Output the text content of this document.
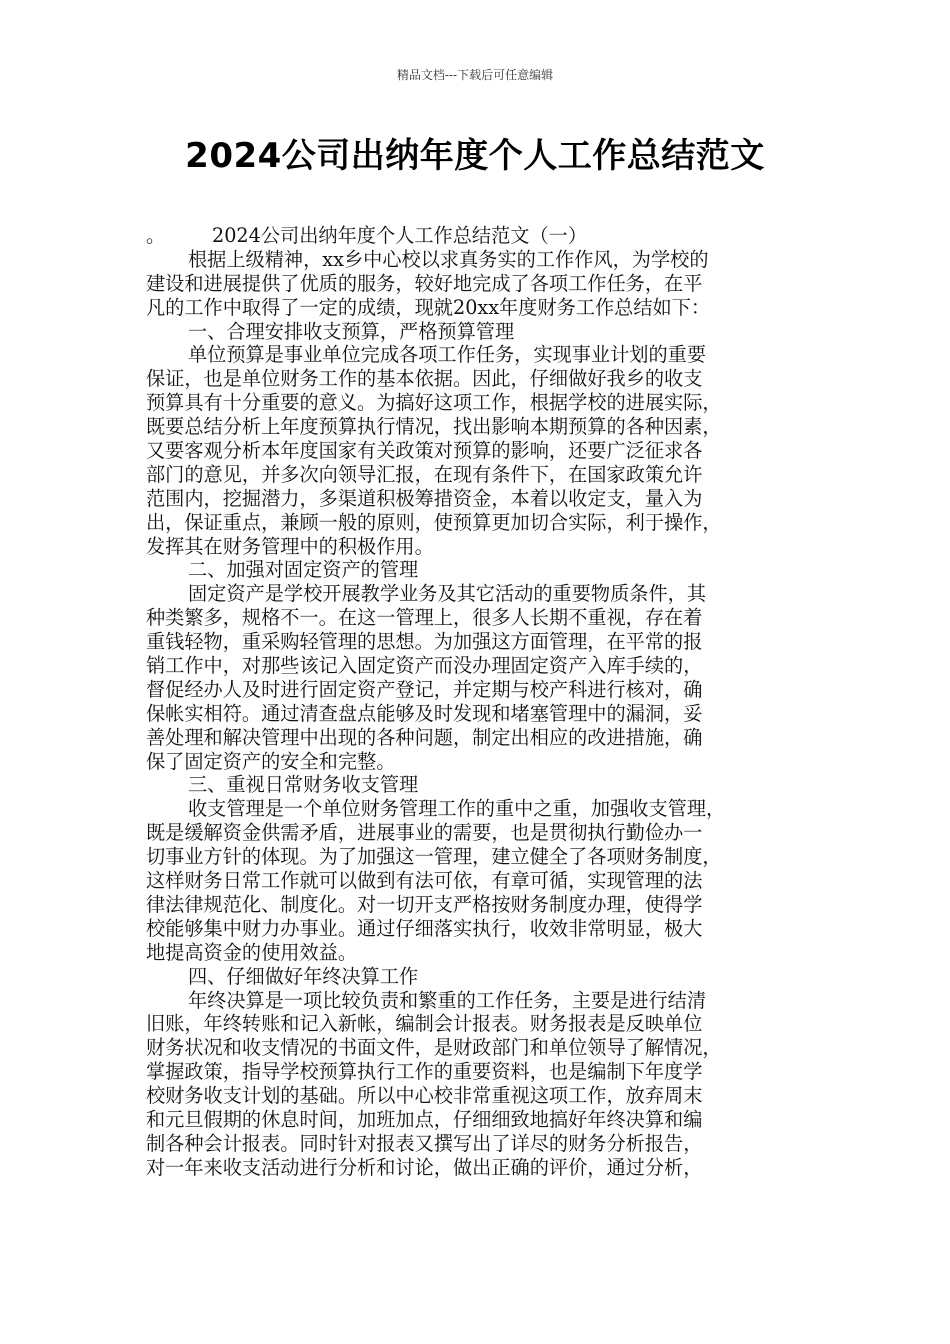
精品文档---下载后可任意编辑
2024公司出纳年度个人工作总结范文
。 2024公司出纳年度个人工作总结范文（一）
根据上级精神，xx乡中心校以求真务实的工作作风，为学校的
建设和进展提供了优质的服务，较好地完成了各项工作任务，在平
凡的工作中取得了一定的成绩，现就20xx年度财务工作总结如下：
一、合理安排收支预算，严格预算管理
单位预算是事业单位完成各项工作任务，实现事业计划的重要
保证，也是单位财务工作的基本依据。因此，仔细做好我乡的收支
预算具有十分重要的意义。为搞好这项工作，根据学校的进展实际，
既要总结分析上年度预算执行情况，找出影响本期预算的各种因素，
又要客观分析本年度国家有关政策对预算的影响，还要广泛征求各
部门的意见，并多次向领导汇报，在现有条件下，在国家政策允许
范围内，挖掘潜力，多渠道积极筹措资金，本着以收定支，量入为
出，保证重点，兼顾一般的原则，使预算更加切合实际，利于操作，
发挥其在财务管理中的积极作用。
二、加强对固定资产的管理
固定资产是学校开展教学业务及其它活动的重要物质条件，其
种类繁多，规格不一。在这一管理上，很多人长期不重视，存在着
重钱轻物，重采购轻管理的思想。为加强这方面管理，在平常的报
销工作中，对那些该记入固定资产而没办理固定资产入库手续的，
督促经办人及时进行固定资产登记，并定期与校产科进行核对，确
保帐实相符。通过清查盘点能够及时发现和堵塞管理中的漏洞，妥
善处理和解决管理中出现的各种问题，制定出相应的改进措施，确
保了固定资产的安全和完整。
三、重视日常财务收支管理
收支管理是一个单位财务管理工作的重中之重，加强收支管理，
既是缓解资金供需矛盾，进展事业的需要，也是贯彻执行勤俭办一
切事业方针的体现。为了加强这一管理，建立健全了各项财务制度，
这样财务日常工作就可以做到有法可依，有章可循，实现管理的法
律法律规范化、制度化。对一切开支严格按财务制度办理，使得学
校能够集中财力办事业。通过仔细落实执行，收效非常明显，极大
地提高资金的使用效益。
四、仔细做好年终决算工作
年终决算是一项比较负责和繁重的工作任务，主要是进行结清
旧账，年终转账和记入新帐，编制会计报表。财务报表是反映单位
财务状况和收支情况的书面文件，是财政部门和单位领导了解情况，
掌握政策，指导学校预算执行工作的重要资料，也是编制下年度学
校财务收支计划的基础。所以中心校非常重视这项工作，放弃周末
和元旦假期的休息时间，加班加点，仔细细致地搞好年终决算和编
制各种会计报表。同时针对报表又撰写出了详尽的财务分析报告，
对一年来收支活动进行分析和讨论，做出正确的评价，通过分析，
